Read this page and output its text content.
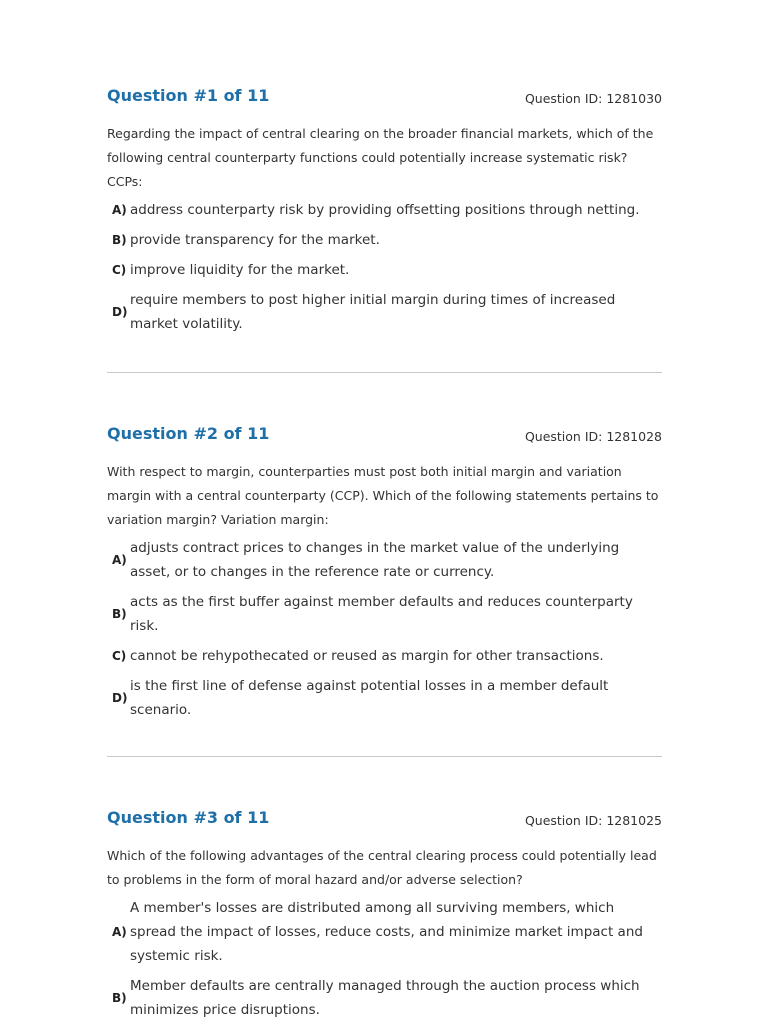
Question #1 of 11	Question ID: 1281030

Regarding the impact of central clearing on the broader financial markets, which of the following central counterparty functions could potentially increase systematic risk? CCPs:

A) address counterparty risk by providing offsetting positions through netting.
B) provide transparency for the market.
C) improve liquidity for the market.
D)
require members to post higher initial margin during times of increased market volatility.
Question #2 of 11	Question ID: 1281028

With respect to margin, counterparties must post both initial margin and variation margin with a central counterparty (CCP). Which of the following statements pertains to variation margin? Variation margin:

A)
adjusts contract prices to changes in the market value of the underlying asset, or to changes in the reference rate or currency.
B)
acts as the first buffer against member defaults and reduces counterparty risk.
C) cannot be rehypothecated or reused as margin for other transactions.
D)
is the first line of defense against potential losses in a member default scenario.
Question #3 of 11	Question ID: 1281025

Which of the following advantages of the central clearing process could potentially lead to problems in the form of moral hazard and/or adverse selection?

A)
A member's losses are distributed among all surviving members, which spread the impact of losses, reduce costs, and minimize market impact and systemic risk.
B)
Member defaults are centrally managed through the auction process which minimizes price disruptions.
